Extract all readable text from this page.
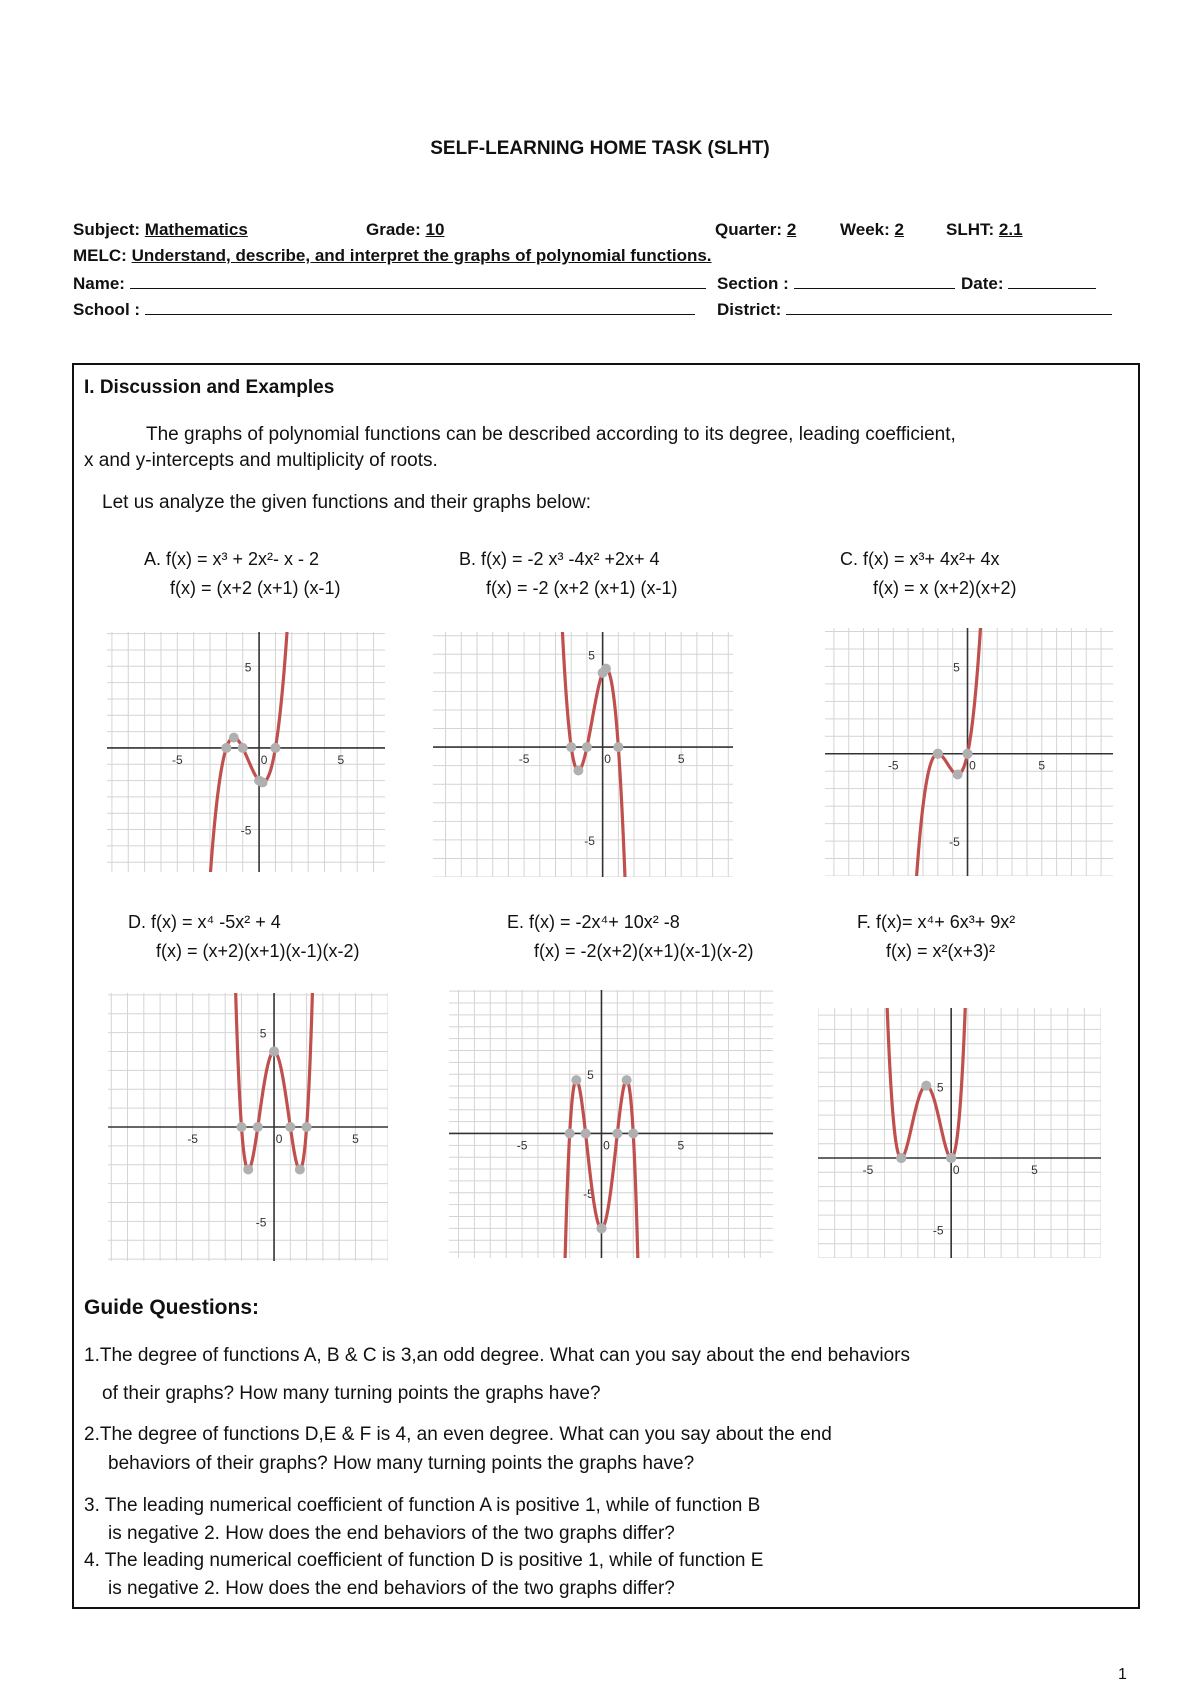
SELF-LEARNING HOME TASK (SLHT)
Subject: Mathematics	Grade: 10	Quarter: 2	Week: 2 SLHT: 2.1
MELC: Understand, describe, and interpret the graphs of polynomial functions.
Name:	Section :	Date:
School :	District:
I. Discussion and Examples
The graphs of polynomial functions can be described according to its degree, leading coefficient,
x and y-intercepts and multiplicity of roots.
Let us analyze the given functions and their graphs below:
A. f(x) = x³ + 2x²- x - 2
f(x) = (x+2 (x+1) (x-1)
B. f(x) = -2 x³ -4x² +2x+ 4
f(x) = -2 (x+2 (x+1) (x-1)
C. f(x) = x³+ 4x²+ 4x
f(x) = x (x+2)(x+2)
D. f(x) = x⁴ -5x² + 4
f(x) = (x+2)(x+1)(x-1)(x-2)
E. f(x) = -2x⁴+ 10x² -8
f(x) = -2(x+2)(x+1)(x-1)(x-2)
F. f(x)= x⁴+ 6x³+ 9x²
f(x) = x²(x+3)²
-5	5
5
-5
0	-5	5
5
-5
0	-5	5
5
-5
0
-5	5
5
-5
0	-5	5
5
-5
0
-5	5
5
-5
0
Guide Questions:
1.The degree of functions A, B & C is 3,an odd degree. What can you say about the end behaviors
of their graphs? How many turning points the graphs have?
2.The degree of functions D,E & F is 4, an even degree. What can you say about the end
behaviors of their graphs? How many turning points the graphs have?
3. The leading numerical coefficient of function A is positive 1, while of function B
is negative 2. How does the end behaviors of the two graphs differ?
4. The leading numerical coefficient of function D is positive 1, while of function E
is negative 2. How does the end behaviors of the two graphs differ?
1
